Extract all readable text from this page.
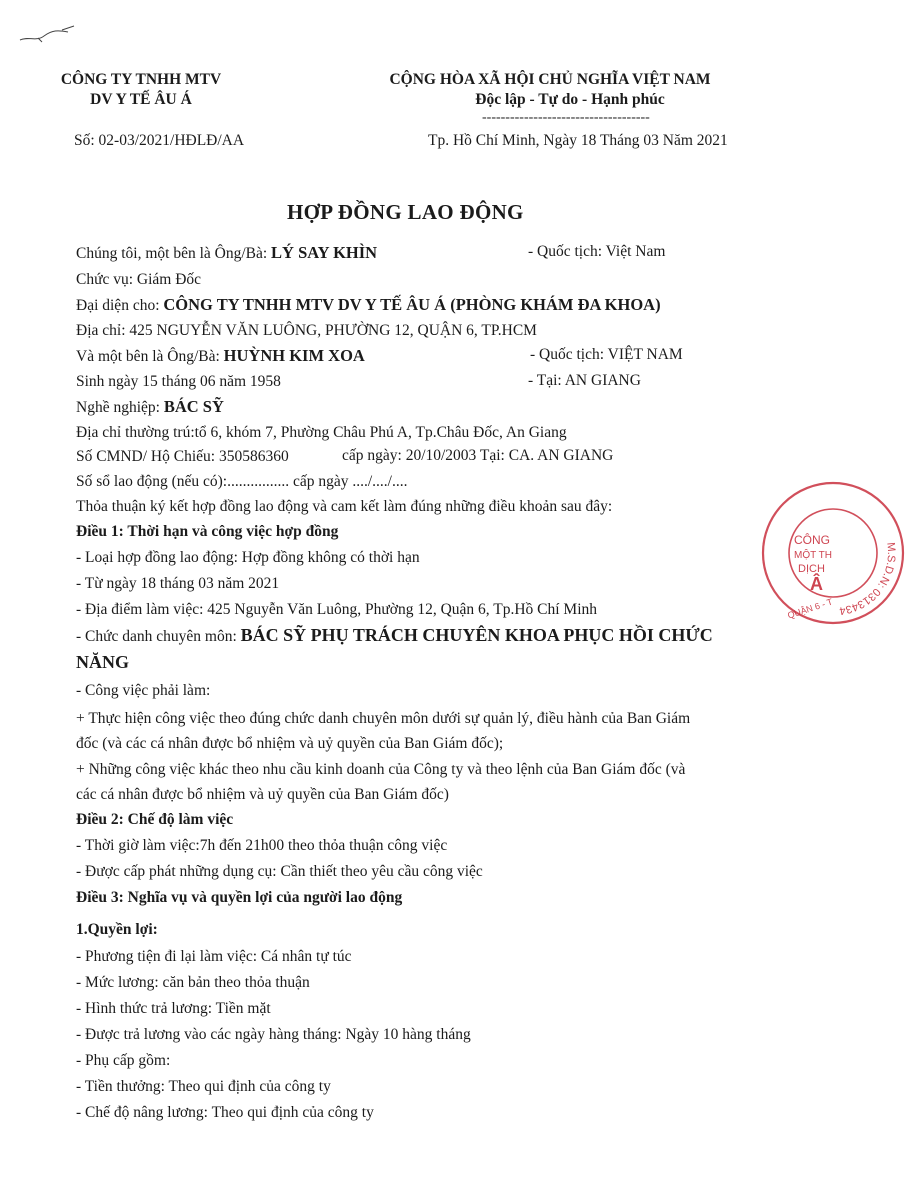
CÔNG TY TNHH MTV
DV Y TẾ ÂU Á
CỘNG HÒA XÃ HỘI CHỦ NGHĨA VIỆT NAM
Độc lập - Tự do - Hạnh phúc
------------------------------------
Số: 02-03/2021/HĐLĐ/AA	Tp. Hồ Chí Minh, Ngày 18 Tháng 03 Năm 2021
HỢP ĐỒNG LAO ĐỘNG
Chúng tôi, một bên là Ông/Bà: LÝ SAY KHÌN	- Quốc tịch: Việt Nam
Chức vụ: Giám Đốc
Đại diện cho: CÔNG TY TNHH MTV DV Y TẾ ÂU Á (PHÒNG KHÁM ĐA KHOA)
Địa chỉ: 425 NGUYỄN VĂN LUÔNG, PHƯỜNG 12, QUẬN 6, TP.HCM
Và một bên là Ông/Bà: HUỲNH KIM XOA	- Quốc tịch: VIỆT NAM
Sinh ngày 15 tháng 06 năm 1958	- Tại: AN GIANG
Nghề nghiệp: BÁC SỸ
Địa chỉ thường trú:tổ 6, khóm 7, Phường Châu Phú A, Tp.Châu Đốc, An Giang
Số CMND/ Hộ Chiếu: 350586360	cấp ngày: 20/10/2003 Tại: CA. AN GIANG
Số sổ lao động (nếu có):................ cấp ngày ..../..../....
Thỏa thuận ký kết hợp đồng lao động và cam kết làm đúng những điều khoản sau đây:
Điều 1: Thời hạn và công việc hợp đồng
- Loại hợp đồng lao động: Hợp đồng không có thời hạn
- Từ ngày 18 tháng 03 năm 2021
- Địa điểm làm việc: 425 Nguyễn Văn Luông, Phường 12, Quận 6, Tp.Hồ Chí Minh
- Chức danh chuyên môn: BÁC SỸ PHỤ TRÁCH CHUYÊN KHOA PHỤC HỒI CHỨC
NĂNG
- Công việc phải làm:
+ Thực hiện công việc theo đúng chức danh chuyên môn dưới sự quản lý, điều hành của Ban Giám
đốc (và các cá nhân được bổ nhiệm và uỷ quyền của Ban Giám đốc);
+ Những công việc khác theo nhu cầu kinh doanh của Công ty và theo lệnh của Ban Giám đốc (và
các cá nhân được bổ nhiệm và uỷ quyền của Ban Giám đốc)
Điều 2: Chế độ làm việc
- Thời giờ làm việc:7h đến 21h00 theo thỏa thuận công việc
- Được cấp phát những dụng cụ: Cần thiết theo yêu cầu công việc
Điều 3: Nghĩa vụ và quyền lợi của người lao động
1.Quyền lợi:
- Phương tiện đi lại làm việc: Cá nhân tự túc
- Mức lương: căn bản theo thỏa thuận
- Hình thức trả lương: Tiền mặt
- Được trả lương vào các ngày hàng tháng: Ngày 10 hàng tháng
- Phụ cấp gồm:
- Tiền thưởng: Theo qui định của công ty
- Chế độ nâng lương: Theo qui định của công ty
M.S.D.N: 0313434
CÔNG
MỘT TH
DỊCH
Â
QUẬN 6 - T
